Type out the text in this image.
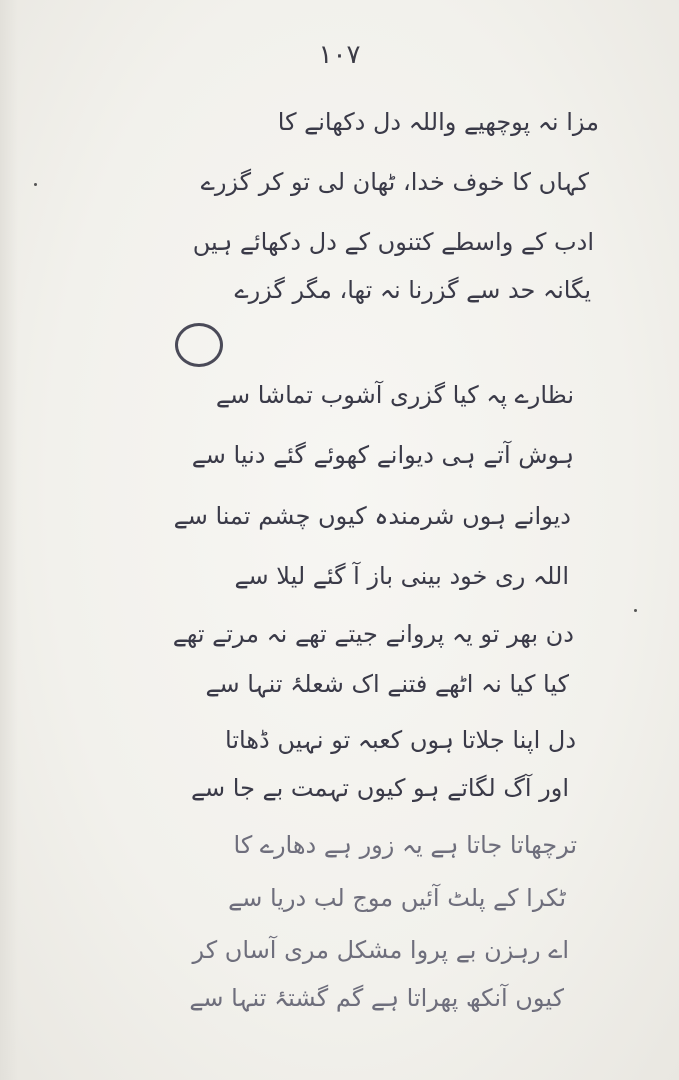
۱۰۷
مزا نہ پوچھیے واللہ دل دکھانے کا
کہاں کا خوف خدا، ٹھان لی تو کر گزرے
ادب کے واسطے کتنوں کے دل دکھائے ہیں
یگانہ حد سے گزرنا نہ تھا، مگر گزرے
نظارے پہ کیا گزری آشوب تماشا سے
ہوش آتے ہی دیوانے کھوئے گئے دنیا سے
دیوانے ہوں شرمندہ کیوں چشم تمنا سے
اللہ ری خود بینی باز آ گئے لیلا سے
دن بھر تو یہ پروانے جیتے تھے نہ مرتے تھے
کیا کیا نہ اٹھے فتنے اک شعلۂ تنہا سے
دل اپنا جلاتا ہوں کعبہ تو نہیں ڈھاتا
اور آگ لگاتے ہو کیوں تہمت بے جا سے
ترچھاتا جاتا ہے یہ زور ہے دھارے کا
ٹکرا کے پلٹ آئیں موج لب دریا سے
اے رہزن بے پروا مشکل مری آساں کر
کیوں آنکھ پھراتا ہے گم گشتۂ تنہا سے
